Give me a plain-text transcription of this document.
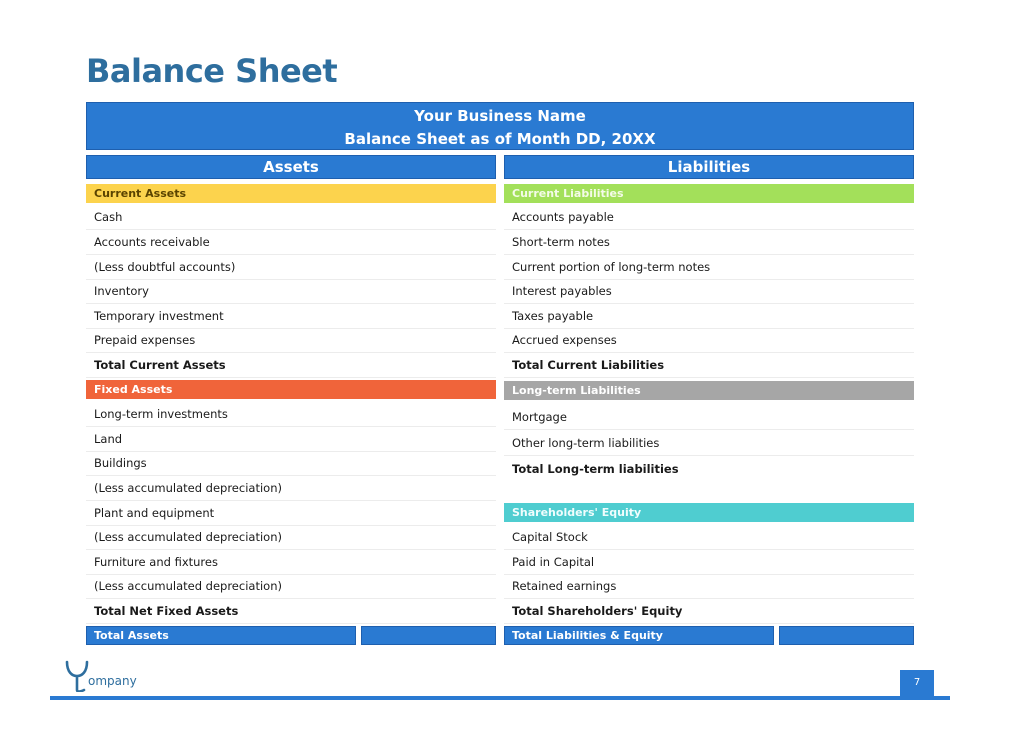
Balance Sheet
Your Business Name
Balance Sheet as of Month DD, 20XX
Assets	Liabilities
Current Assets
Cash
Accounts receivable
(Less doubtful accounts)
Inventory
Temporary investment
Prepaid expenses
Total Current Assets
Fixed Assets
Long-term investments
Land
Buildings
(Less accumulated depreciation)
Plant and equipment
(Less accumulated depreciation)
Furniture and fixtures
(Less accumulated depreciation)
Total Net Fixed Assets
Total Assets
Current Liabilities
Accounts payable
Short-term notes
Current portion of long-term notes
Interest payables
Taxes payable
Accrued expenses
Total Current Liabilities
Long-term Liabilities
Mortgage
Other long-term liabilities
Total Long-term liabilities
Shareholders' Equity
Capital Stock
Paid in Capital
Retained earnings
Total Shareholders' Equity
Total Liabilities & Equity
ompany	7
